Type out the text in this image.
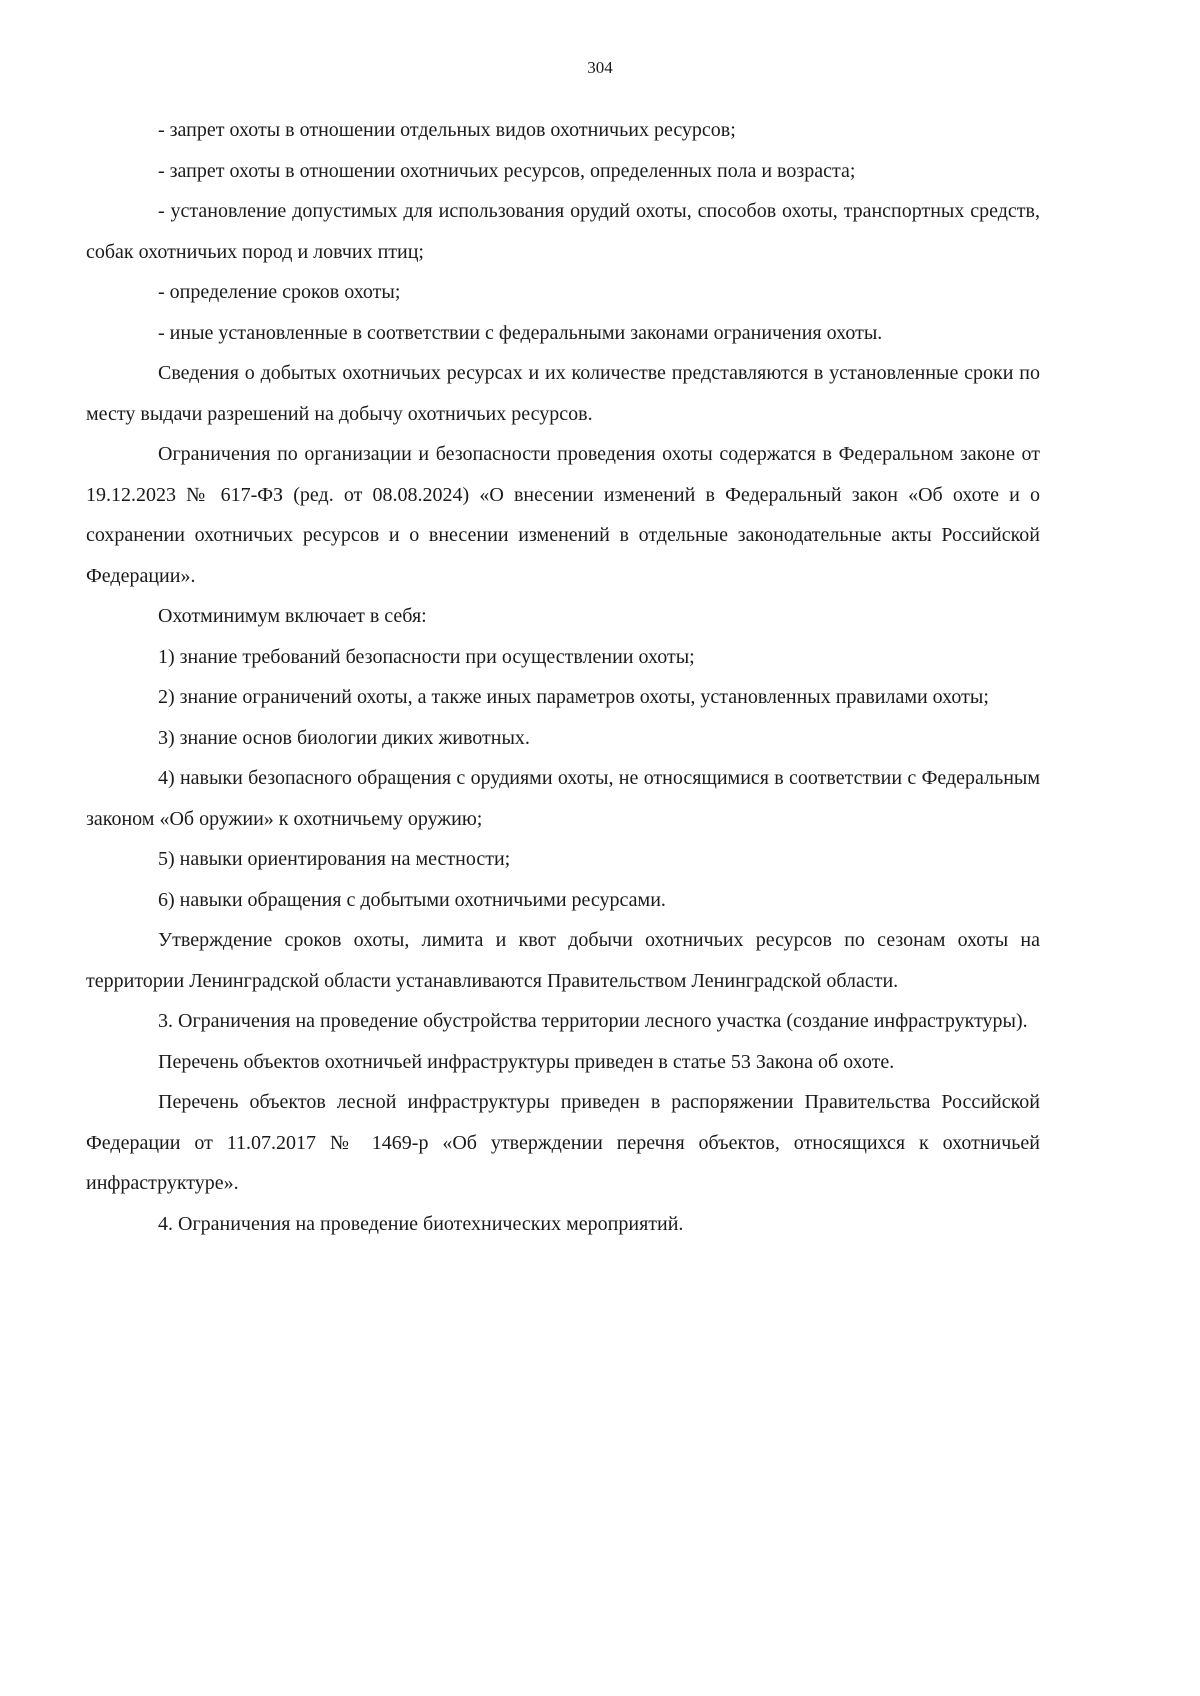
304

- запрет охоты в отношении отдельных видов охотничьих ресурсов;

- запрет охоты в отношении охотничьих ресурсов, определенных пола и возраста;

- установление допустимых для использования орудий охоты, способов охоты, транспортных средств, собак охотничьих пород и ловчих птиц;

- определение сроков охоты;

- иные установленные в соответствии с федеральными законами ограничения охоты.

Сведения о добытых охотничьих ресурсах и их количестве представляются в установленные сроки по месту выдачи разрешений на добычу охотничьих ресурсов.

Ограничения по организации и безопасности проведения охоты содержатся в Федеральном законе от 19.12.2023 № 617-ФЗ (ред. от 08.08.2024) «О внесении изменений в Федеральный закон «Об охоте и о сохранении охотничьих ресурсов и о внесении изменений в отдельные законодательные акты Российской Федерации».

Охотминимум включает в себя:

1) знание требований безопасности при осуществлении охоты;

2) знание ограничений охоты, а также иных параметров охоты, установленных правилами охоты;

3) знание основ биологии диких животных.

4) навыки безопасного обращения с орудиями охоты, не относящимися в соответствии с Федеральным законом «Об оружии» к охотничьему оружию;

5) навыки ориентирования на местности;

6) навыки обращения с добытыми охотничьими ресурсами.

Утверждение сроков охоты, лимита и квот добычи охотничьих ресурсов по сезонам охоты на территории Ленинградской области устанавливаются Правительством Ленинградской области.

3. Ограничения на проведение обустройства территории лесного участка (создание инфраструктуры).

Перечень объектов охотничьей инфраструктуры приведен в статье 53 Закона об охоте.

Перечень объектов лесной инфраструктуры приведен в распоряжении Правительства Российской Федерации от 11.07.2017 № 1469-р «Об утверждении перечня объектов, относящихся к охотничьей инфраструктуре».

4. Ограничения на проведение биотехнических мероприятий.
